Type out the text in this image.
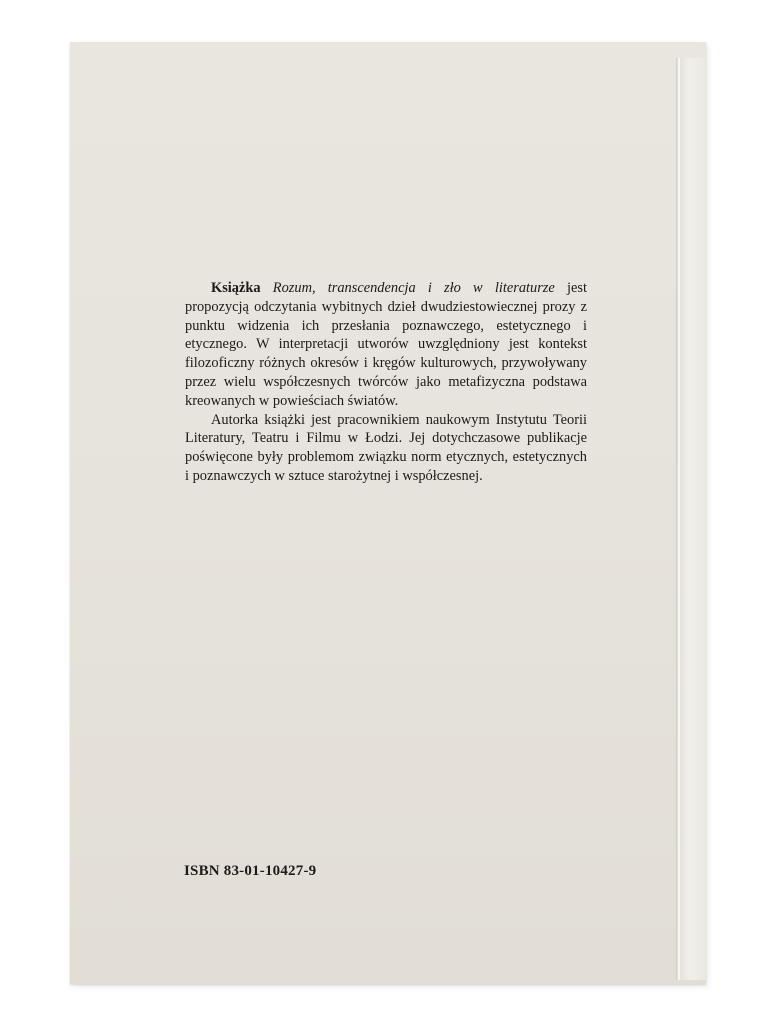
Książka Rozum, transcendencja i zło w literaturze jest propozycją odczytania wybitnych dzieł dwudziestowiecznej prozy z punktu widzenia ich przesłania poznawczego, estetycznego i etycznego. W interpretacji utworów uwzględniony jest kontekst filozoficzny różnych okresów i kręgów kulturowych, przywoływany przez wielu współczesnych twórców jako metafizyczna podstawa kreowanych w powieściach światów.

Autorka książki jest pracownikiem naukowym Instytutu Teorii Literatury, Teatru i Filmu w Łodzi. Jej dotychczasowe publikacje poświęcone były problemom związku norm etycznych, estetycznych i poznawczych w sztuce starożytnej i współczesnej.

ISBN 83-01-10427-9
